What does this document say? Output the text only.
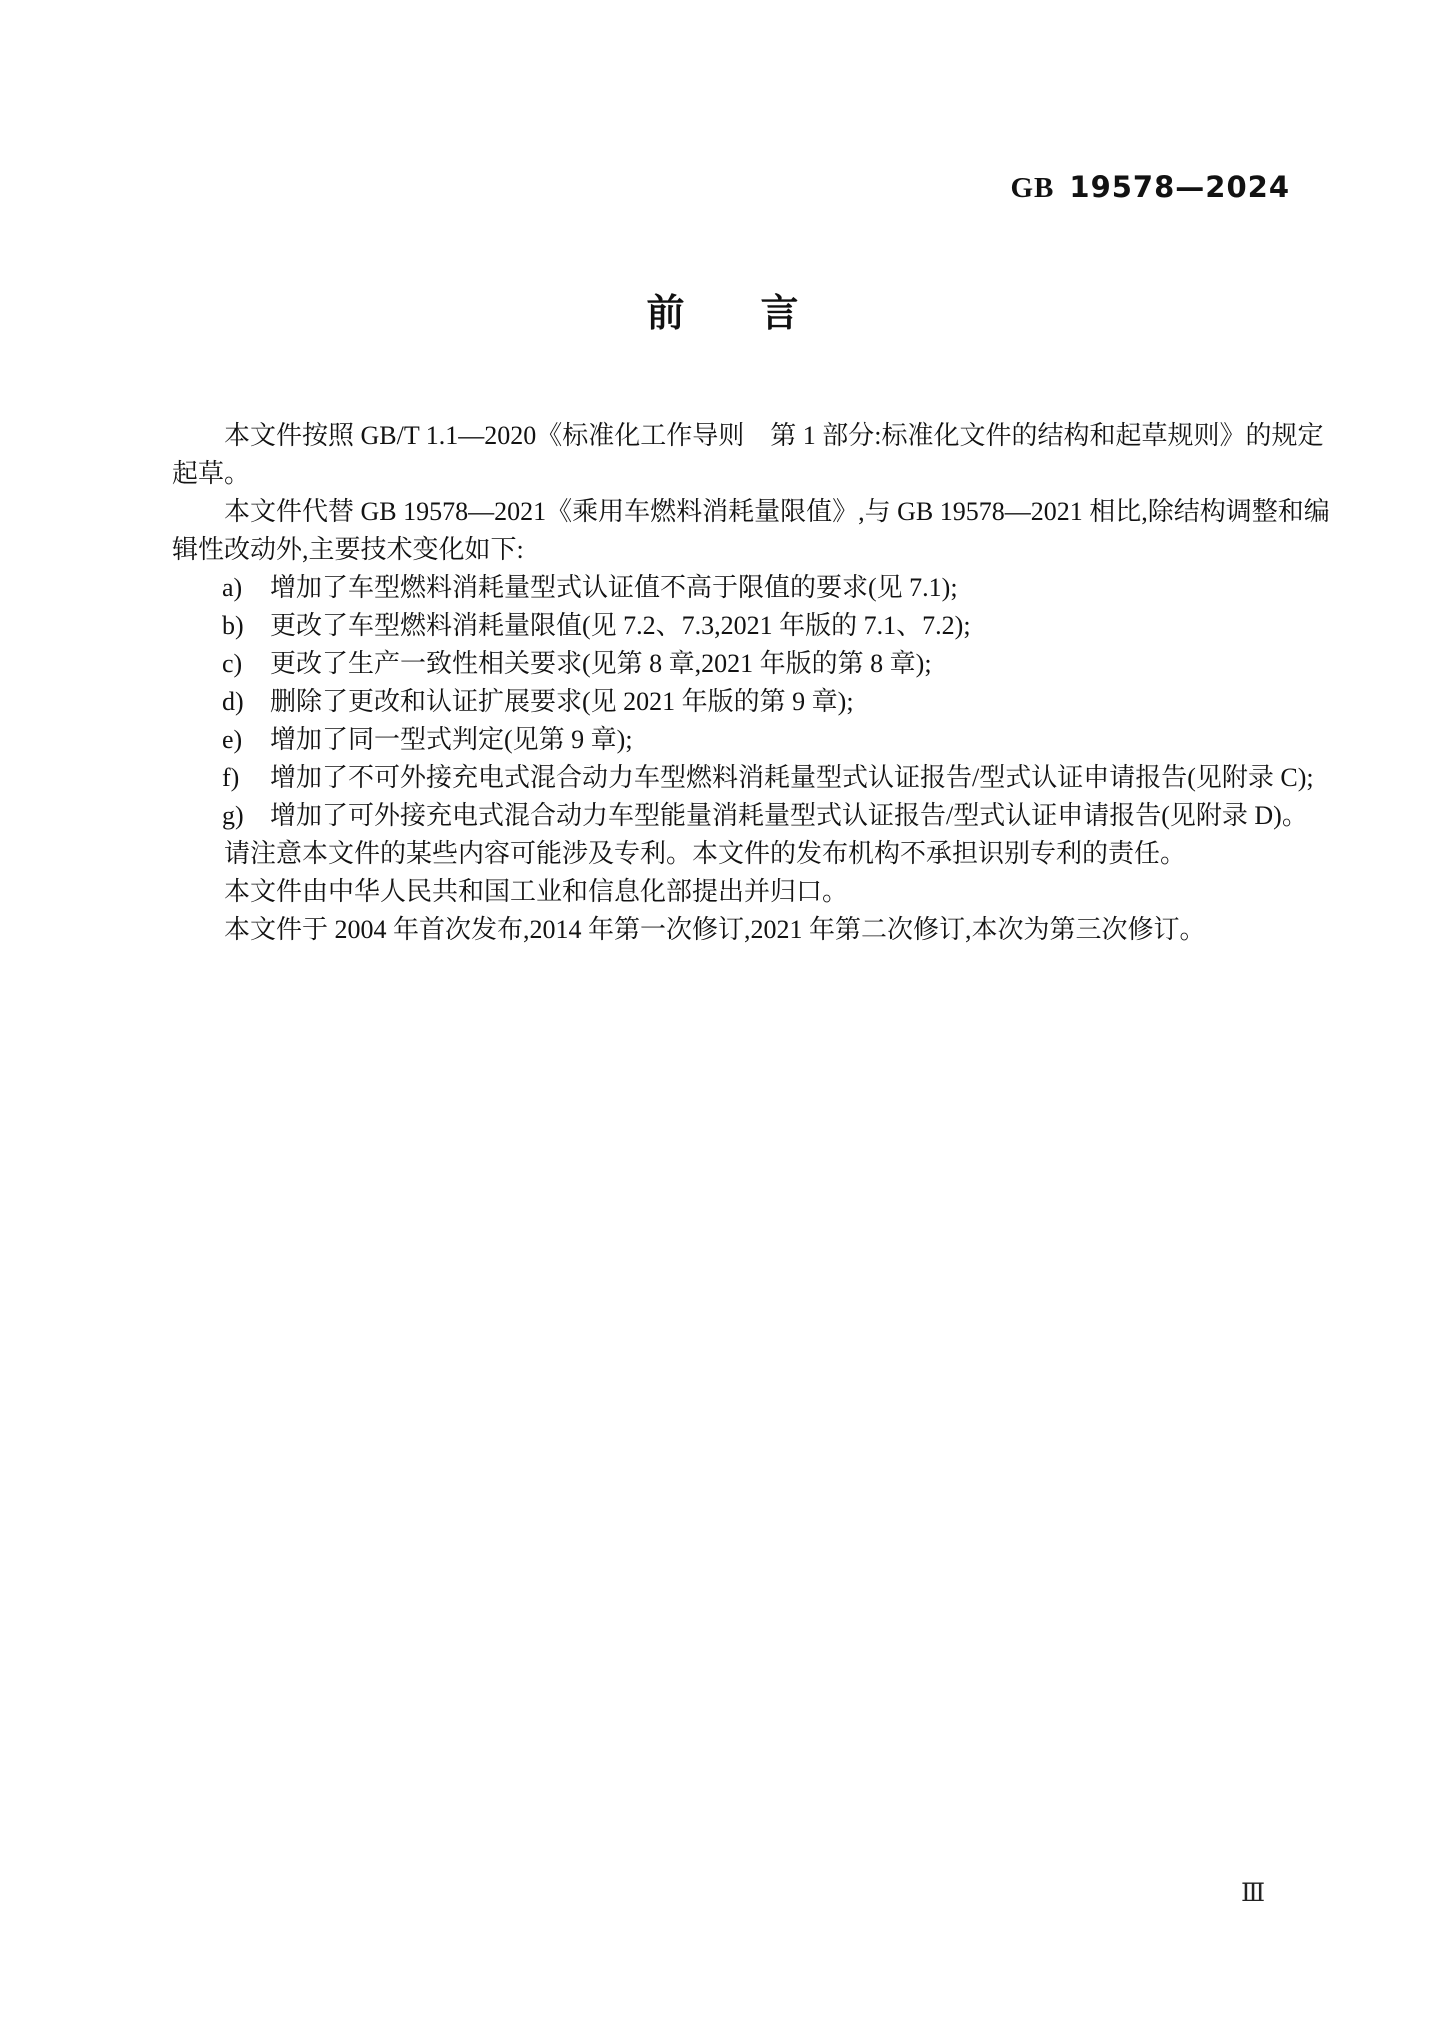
GB 19578—2024
前　　言
本文件按照 GB/T 1.1—2020《标准化工作导则　第 1 部分:标准化文件的结构和起草规则》的规定
起草。
本文件代替 GB 19578—2021《乘用车燃料消耗量限值》,与 GB 19578—2021 相比,除结构调整和编
辑性改动外,主要技术变化如下:
a) 增加了车型燃料消耗量型式认证值不高于限值的要求(见 7.1);
b) 更改了车型燃料消耗量限值(见 7.2、7.3,2021 年版的 7.1、7.2);
c) 更改了生产一致性相关要求(见第 8 章,2021 年版的第 8 章);
d) 删除了更改和认证扩展要求(见 2021 年版的第 9 章);
e) 增加了同一型式判定(见第 9 章);
f) 增加了不可外接充电式混合动力车型燃料消耗量型式认证报告/型式认证申请报告(见附录 C);
g) 增加了可外接充电式混合动力车型能量消耗量型式认证报告/型式认证申请报告(见附录 D)。
请注意本文件的某些内容可能涉及专利。本文件的发布机构不承担识别专利的责任。
本文件由中华人民共和国工业和信息化部提出并归口。
本文件于 2004 年首次发布,2014 年第一次修订,2021 年第二次修订,本次为第三次修订。
Ⅲ
